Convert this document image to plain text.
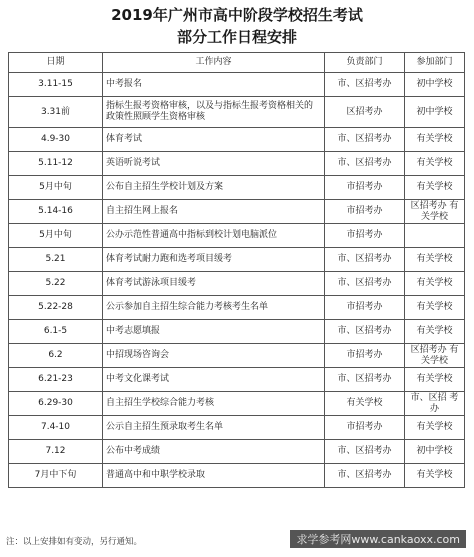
2019年广州市高中阶段学校招生考试
部分工作日程安排
日期	工作内容	负责部门	参加部门
3.11-15	中考报名	市、区招考办	初中学校
3.31前	指标生报考资格审核，以及与指标生报考资格相关的政策性照顾学生资格审核	区招考办	初中学校
4.9-30	体育考试	市、区招考办	有关学校
5.11-12	英语听说考试	市、区招考办	有关学校
5月中旬	公布自主招生学校计划及方案	市招考办	有关学校
5.14-16	自主招生网上报名	市招考办	区招考办 有关学校
5月中旬	公办示范性普通高中指标到校计划电脑派位	市招考办	
5.21	体育考试耐力跑和选考项目缓考	市、区招考办	有关学校
5.22	体育考试游泳项目缓考	市、区招考办	有关学校
5.22-28	公示参加自主招生综合能力考核考生名单	市招考办	有关学校
6.1-5	中考志愿填报	市、区招考办	有关学校
6.2	中招现场咨询会	市招考办	区招考办 有关学校
6.21-23	中考文化课考试	市、区招考办	有关学校
6.29-30	自主招生学校综合能力考核	有关学校	市、区招 考办
7.4-10	公示自主招生预录取考生名单	市招考办	有关学校
7.12	公布中考成绩	市、区招考办	初中学校
7月中下旬	普通高中和中职学校录取	市、区招考办	有关学校
注：以上安排如有变动，另行通知。	求学参考网www.cankaoxx.com
